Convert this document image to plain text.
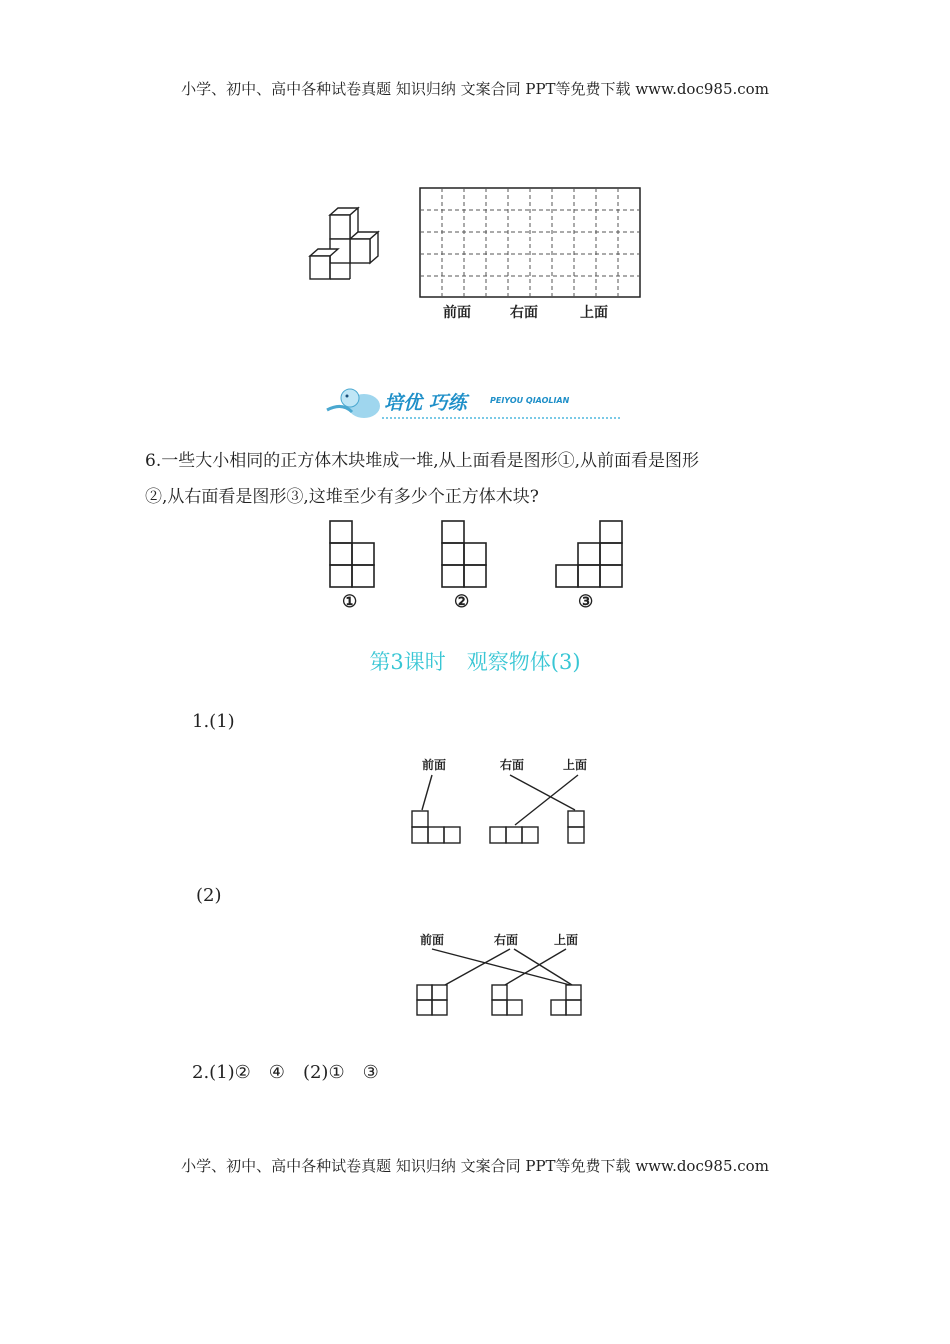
小学、初中、高中各种试卷真题 知识归纳 文案合同 PPT等免费下载 www.doc985.com
前面	右面	上面
培优 巧练	PEIYOU QIAOLIAN
6.一些大小相同的正方体木块堆成一堆,从上面看是图形①,从前面看是图形
②,从右面看是图形③,这堆至少有多少个正方体木块?
①	②	③
第3课时　观察物体(3)
1.(1)
前面	右面	上面
(2)
前面	右面	上面
2.(1)②　④　(2)①　③
小学、初中、高中各种试卷真题 知识归纳 文案合同 PPT等免费下载 www.doc985.com
